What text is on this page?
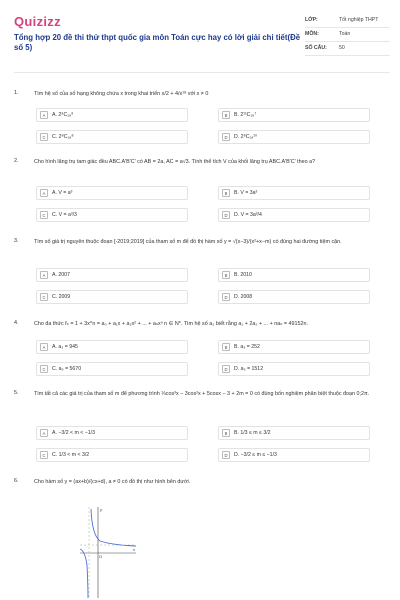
Quizizz
Tổng hợp 20 đề thi thử thpt quốc gia môn Toán cực hay có lời giải chi tiết(Đề số 5)
LỚP:	Tốt nghiệp THPT
MÔN:	Toán
SỐ CÂU:	50
1.	Tìm hệ số của số hạng không chứa x trong khai triển x/2 + 4/x¹⁸ với x ≠ 0
A	A. 2⁹C₁₈⁹	B	B. 2¹¹C₁₈⁷
C	C. 2⁸C₁₈⁸	D	D. 2⁸C₁₈¹⁰
2.	Cho hình lăng trụ tam giác đều ABC.A'B'C' có AB = 2a, AC = a√3. Tính thể tích V của khối lăng trụ ABC.A'B'C' theo a?
A	A. V = a³	B	B. V = 3a³
C	C. V = a³/3	D	D. V = 3a³/4
3.	Tìm số giá trị nguyên thuộc đoạn [-2019;2019] của tham số m để đồ thị hàm số y = √(x−3)/(x²+x−m) có đúng hai đường tiệm cận.
A	A. 2007	B	B. 2010
C	C. 2009	D	D. 2008
4.	Cho đa thức fₙ = 1 + 3x^n = a₀ + a₁x + a₂x² + ... + aₙxⁿ n ∈ N*. Tìm hệ số a₃ biết rằng a₁ + 2a₂ + ... + naₙ = 49152n.
A	A. a₃ = 945	B	B. a₃ = 252
C	C. a₃ = 5670	D	D. a₃ = 1512
5.	Tìm tất cả các giá trị của tham số m để phương trình ⅓cos³x − 3cos²x + 5cosx − 3 + 2m = 0 có đúng bốn nghiệm phân biệt thuộc đoạn 0;2π.
A	A. −3/2 < m < −1/3	B	B. 1/3 ≤ m ≤ 3/2
C	C. 1/3 < m < 3/2	D	D. −3/2 ≤ m ≤ −1/3
6.	Cho hàm số y = (ax+b)/(cx+d), a ≠ 0 có đồ thị như hình bên dưới.
O
x
y
